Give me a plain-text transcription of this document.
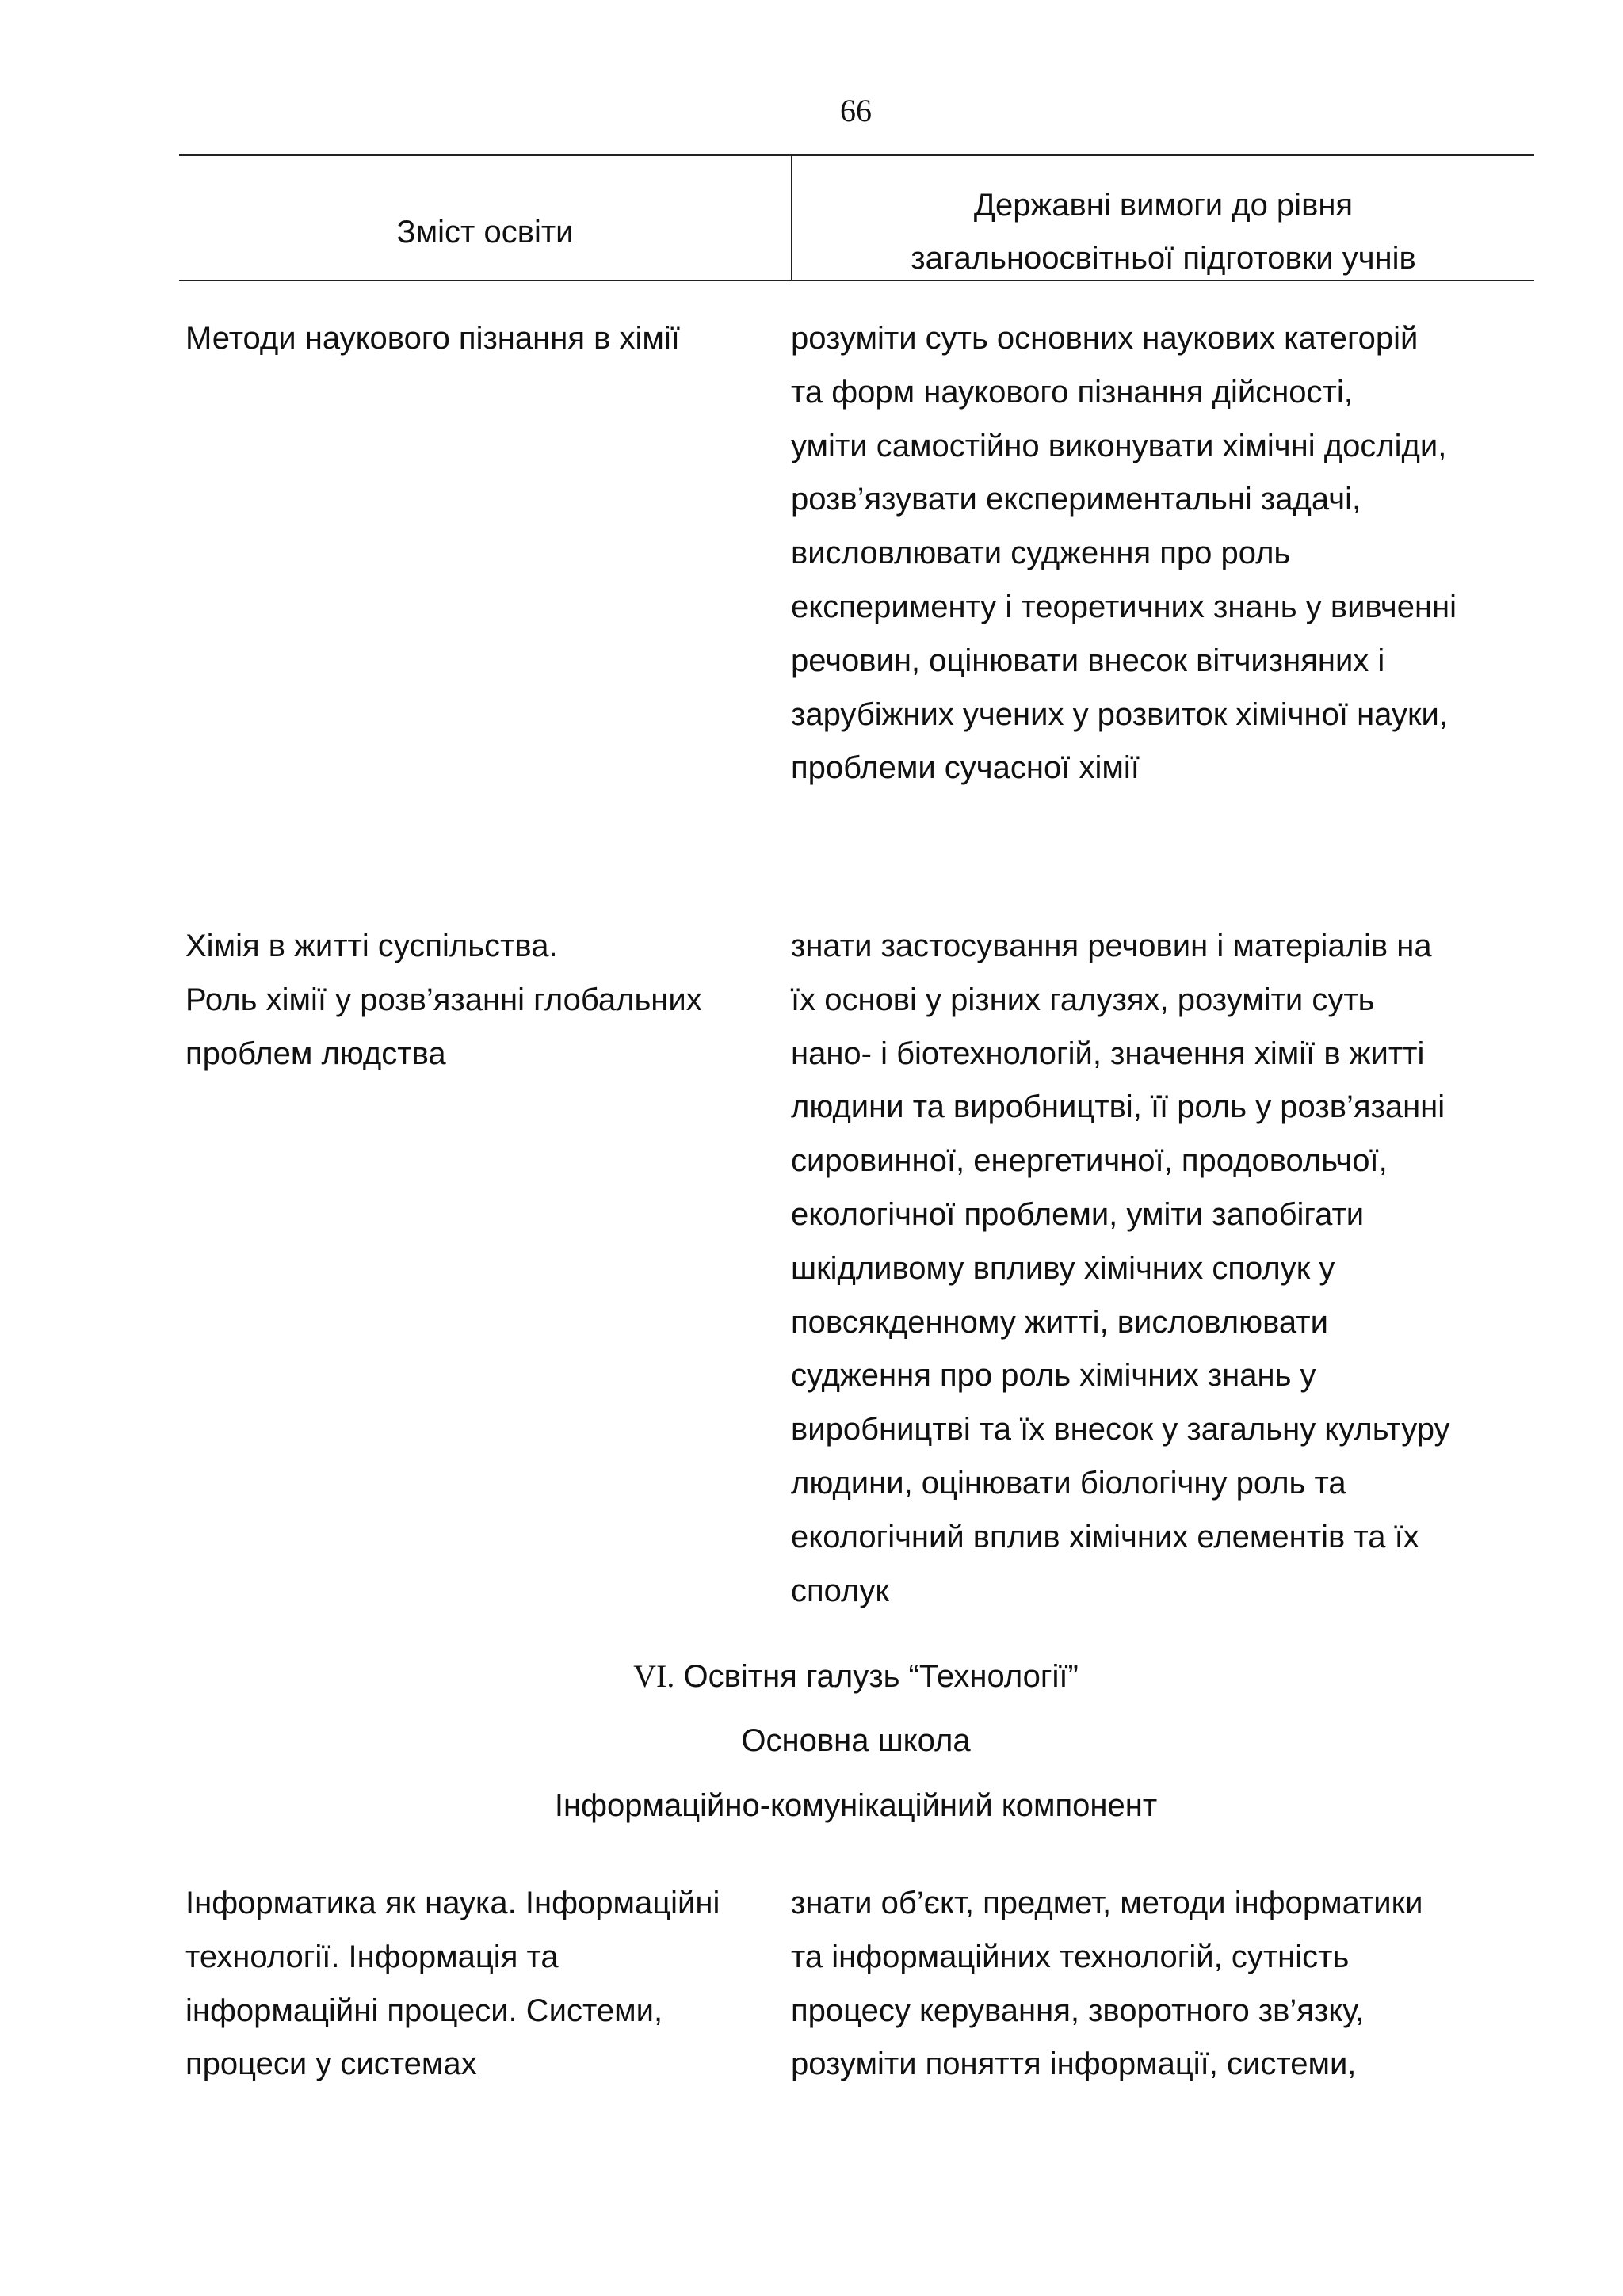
66
Зміст освіти
Державні вимоги до рівня
загальноосвітньої підготовки учнів

Методи наукового пізнання в хімії	розуміти суть основних наукових категорій

та форм наукового пізнання дійсності,

уміти самостійно виконувати хімічні досліди,

розв’язувати експериментальні задачі,

висловлювати судження про роль

експерименту і теоретичних знань у вивченні

речовин, оцінювати внесок вітчизняних і

зарубіжних учених у розвиток хімічної науки,

проблеми сучасної хімії

Хімія в житті суспільства.

Роль хімії у розв’язанні глобальних

проблем людства

знати застосування речовин і матеріалів на

їх основі у різних галузях, розуміти суть

нано- і біотехнологій, значення хімії в житті

людини та виробництві, її роль у розв’язанні

сировинної, енергетичної, продовольчої,

екологічної проблеми, уміти запобігати

шкідливому впливу хімічних сполук у

повсякденному житті, висловлювати

судження про роль хімічних знань у

виробництві та їх внесок у загальну культуру

людини, оцінювати біологічну роль та

екологічний вплив хімічних елементів та їх

сполук

VI. Освітня галузь “Технології”
Основна школа
Інформаційно-комунікаційний компонент

Інформатика як наука. Інформаційні

технології. Інформація та

інформаційні процеси. Системи,

процеси у системах

знати об’єкт, предмет, методи інформатики

та інформаційних технологій, сутність

процесу керування, зворотного зв’язку,

розуміти поняття інформації, системи,
